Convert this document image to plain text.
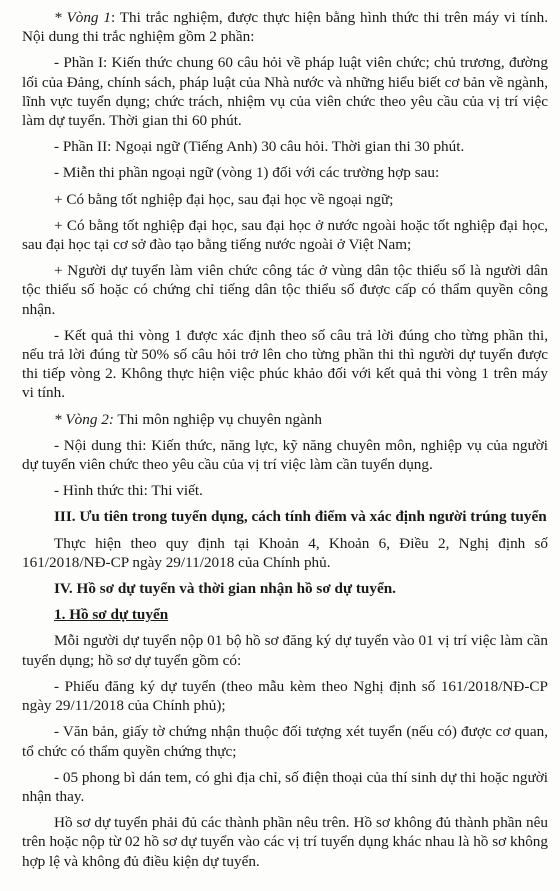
* Vòng 1: Thi trắc nghiệm, được thực hiện bằng hình thức thi trên máy vi tính. Nội dung thi trắc nghiệm gồm 2 phần:

- Phần I: Kiến thức chung 60 câu hỏi về pháp luật viên chức; chủ trương, đường lối của Đảng, chính sách, pháp luật của Nhà nước và những hiểu biết cơ bản về ngành, lĩnh vực tuyển dụng; chức trách, nhiệm vụ của viên chức theo yêu cầu của vị trí việc làm dự tuyển. Thời gian thi 60 phút.

- Phần II: Ngoại ngữ (Tiếng Anh) 30 câu hỏi. Thời gian thi 30 phút.

- Miễn thi phần ngoại ngữ (vòng 1) đối với các trường hợp sau:

+ Có bằng tốt nghiệp đại học, sau đại học về ngoại ngữ;

+ Có bằng tốt nghiệp đại học, sau đại học ở nước ngoài hoặc tốt nghiệp đại học, sau đại học tại cơ sở đào tạo bằng tiếng nước ngoài ở Việt Nam;

+ Người dự tuyển làm viên chức công tác ở vùng dân tộc thiểu số là người dân tộc thiểu số hoặc có chứng chỉ tiếng dân tộc thiểu số được cấp có thẩm quyền công nhận.

- Kết quả thi vòng 1 được xác định theo số câu trả lời đúng cho từng phần thi, nếu trả lời đúng từ 50% số câu hỏi trở lên cho từng phần thi thì người dự tuyển được thi tiếp vòng 2. Không thực hiện việc phúc khảo đối với kết quả thi vòng 1 trên máy vi tính.

* Vòng 2: Thi môn nghiệp vụ chuyên ngành

- Nội dung thi: Kiến thức, năng lực, kỹ năng chuyên môn, nghiệp vụ của người dự tuyển viên chức theo yêu cầu của vị trí việc làm cần tuyển dụng.

- Hình thức thi: Thi viết.

III. Ưu tiên trong tuyển dụng, cách tính điểm và xác định người trúng tuyển

Thực hiện theo quy định tại Khoản 4, Khoản 6, Điều 2, Nghị định số 161/2018/NĐ-CP ngày 29/11/2018 của Chính phủ.

IV. Hồ sơ dự tuyển và thời gian nhận hồ sơ dự tuyển.

1. Hồ sơ dự tuyển

Mỗi người dự tuyển nộp 01 bộ hồ sơ đăng ký dự tuyển vào 01 vị trí việc làm cần tuyển dụng; hồ sơ dự tuyển gồm có:

- Phiếu đăng ký dự tuyển (theo mẫu kèm theo Nghị định số 161/2018/NĐ-CP ngày 29/11/2018 của Chính phủ);

- Văn bản, giấy tờ chứng nhận thuộc đối tượng xét tuyển (nếu có) được cơ quan, tổ chức có thẩm quyền chứng thực;

- 05 phong bì dán tem, có ghi địa chỉ, số điện thoại của thí sinh dự thi hoặc người nhận thay.

Hồ sơ dự tuyển phải đủ các thành phần nêu trên. Hồ sơ không đủ thành phần nêu trên hoặc nộp từ 02 hồ sơ dự tuyển vào các vị trí tuyển dụng khác nhau là hồ sơ không hợp lệ và không đủ điều kiện dự tuyển.
